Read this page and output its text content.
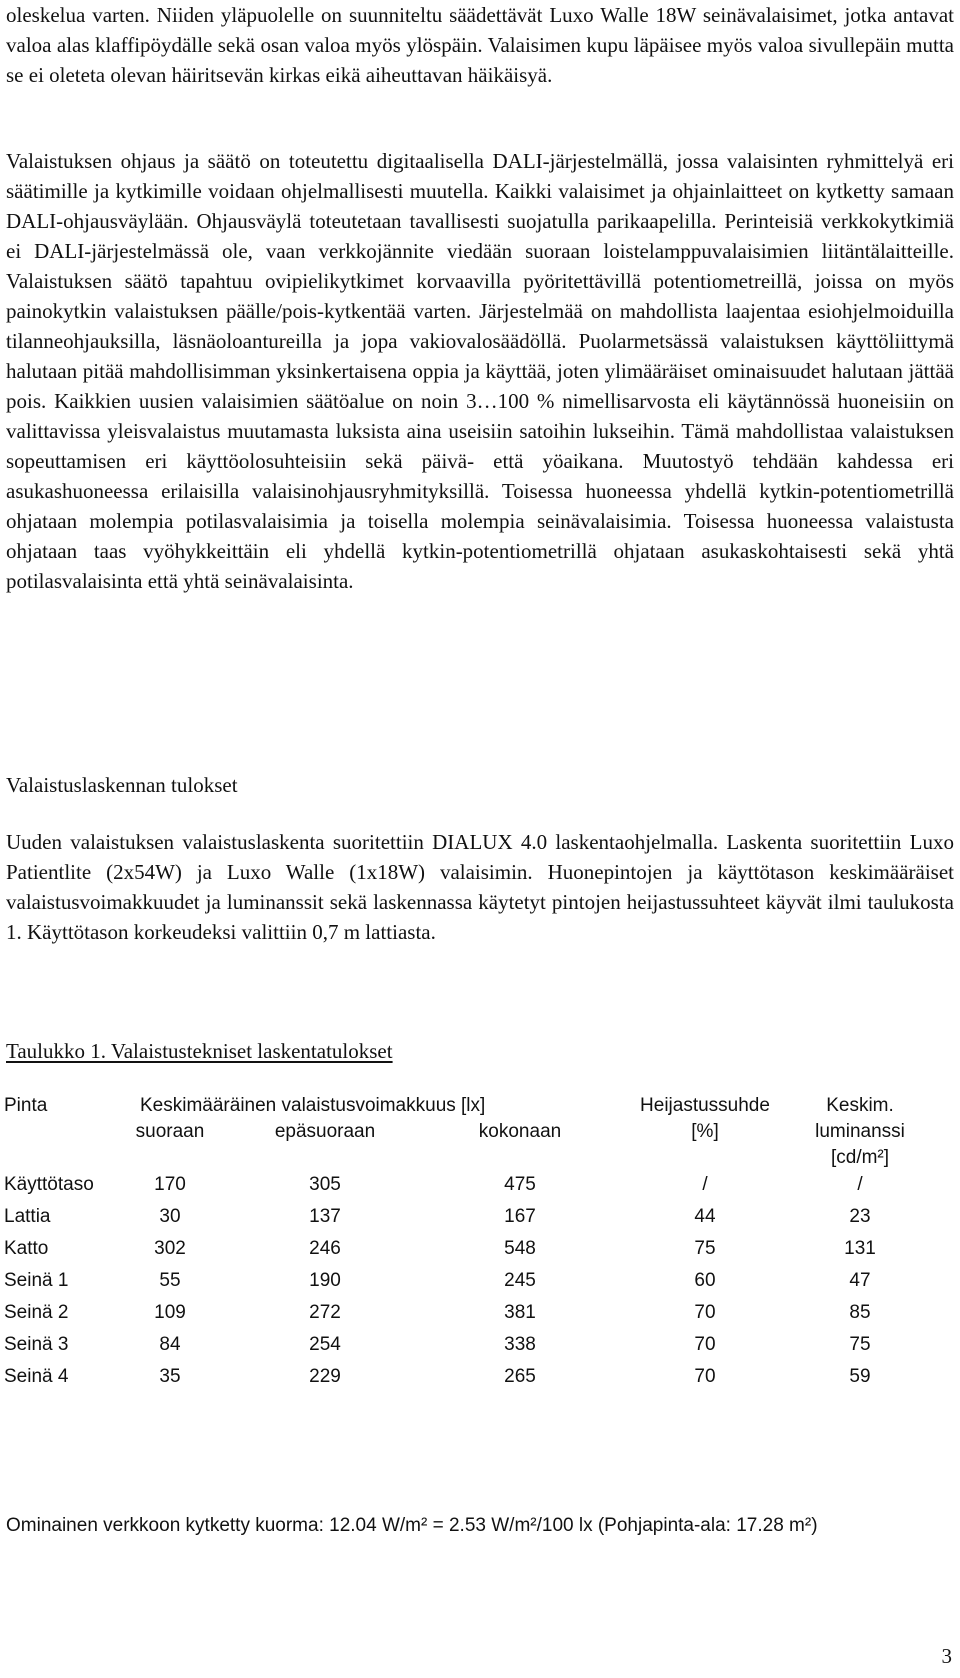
oleskelua varten. Niiden yläpuolelle on suunniteltu säädettävät Luxo Walle 18W seinävalaisimet, jotka antavat valoa alas klaffipöydälle sekä osan valoa myös ylöspäin. Valaisimen kupu läpäisee myös valoa sivullepäin mutta se ei oleteta olevan häiritsevän kirkas eikä aiheuttavan häikäisyä.

Valaistuksen ohjaus ja säätö on toteutettu digitaalisella DALI-järjestelmällä, jossa valaisinten ryhmittelyä eri säätimille ja kytkimille voidaan ohjelmallisesti muutella. Kaikki valaisimet ja ohjainlaitteet on kytketty samaan DALI-ohjausväylään. Ohjausväylä toteutetaan tavallisesti suojatulla parikaapelilla. Perinteisiä verkkokytkimiä ei DALI-järjestelmässä ole, vaan verkkojännite viedään suoraan loistelamppuvalaisimien liitäntälaitteille. Valaistuksen säätö tapahtuu ovipielikytkimet korvaavilla pyöritettävillä potentiometreillä, joissa on myös painokytkin valaistuksen päälle/pois-kytkentää varten. Järjestelmää on mahdollista laajentaa esiohjelmoiduilla tilanneohjauksilla, läsnäoloantureilla ja jopa vakiovalosäädöllä. Puolarmetsässä valaistuksen käyttöliittymä halutaan pitää mahdollisimman yksinkertaisena oppia ja käyttää, joten ylimääräiset ominaisuudet halutaan jättää pois. Kaikkien uusien valaisimien säätöalue on noin 3…100 % nimellisarvosta eli käytännössä huoneisiin on valittavissa yleisvalaistus muutamasta luksista aina useisiin satoihin lukseihin. Tämä mahdollistaa valaistuksen sopeuttamisen eri käyttöolosuhteisiin sekä päivä- että yöaikana. Muutostyö tehdään kahdessa eri asukashuoneessa erilaisilla valaisinohjausryhmityksillä. Toisessa huoneessa yhdellä kytkin-potentiometrillä ohjataan molempia potilasvalaisimia ja toisella molempia seinävalaisimia. Toisessa huoneessa valaistusta ohjataan taas vyöhykkeittäin eli yhdellä kytkin-potentiometrillä ohjataan asukaskohtaisesti sekä yhtä potilasvalaisinta että yhtä seinävalaisinta.

Valaistuslaskennan tulokset

Uuden valaistuksen valaistuslaskenta suoritettiin DIALUX 4.0 laskentaohjelmalla. Laskenta suoritettiin Luxo Patientlite (2x54W) ja Luxo Walle (1x18W) valaisimin. Huonepintojen ja käyttötason keskimääräiset valaistusvoimakkuudet ja luminanssit sekä laskennassa käytetyt pintojen heijastussuhteet käyvät ilmi taulukosta 1. Käyttötason korkeudeksi valittiin 0,7 m lattiasta.

Taulukko 1. Valaistustekniset laskentatulokset

Pinta	Keskimääräinen valaistusvoimakkuus [lx]
suoraan	epäsuoraan	kokonaan
Heijastussuhde
[%]
Keskim.
luminanssi
[cd/m²]
Käyttötaso	170	305	475	/	/
Lattia	30	137	167	44	23
Katto	302	246	548	75	131
Seinä 1	55	190	245	60	47
Seinä 2	109	272	381	70	85
Seinä 3	84	254	338	70	75
Seinä 4	35	229	265	70	59

Ominainen verkkoon kytketty kuorma: 12.04 W/m² = 2.53 W/m²/100 lx (Pohjapinta-ala: 17.28 m²)

3
